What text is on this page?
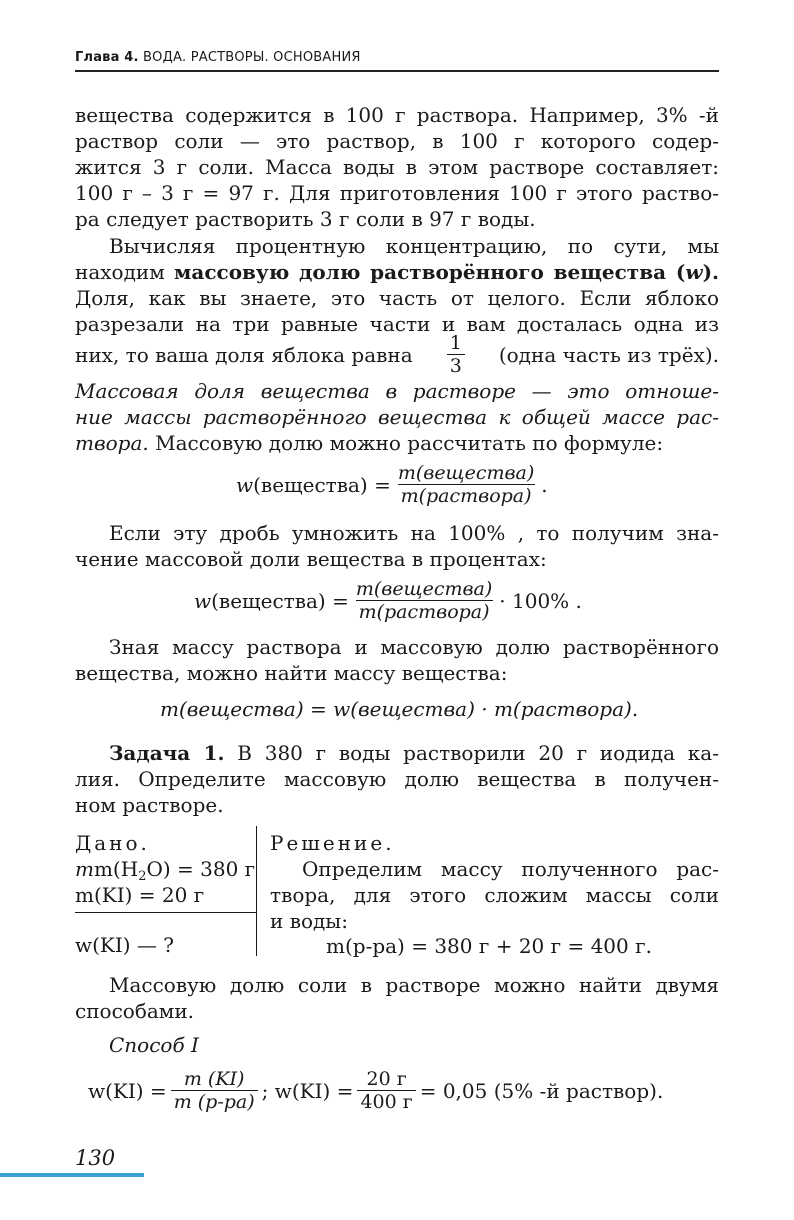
Глава 4. ВОДА. РАСТВОРЫ. ОСНОВАНИЯ
вещества содержится в 100 г раствора. Например, 3% -й
раствор соли — это раствор, в 100 г которого содер-
жится 3 г соли. Масса воды в этом растворе составляет:
100 г – 3 г = 97 г. Для приготовления 100 г этого раство-
ра следует растворить 3 г соли в 97 г воды.
Вычисляя процентную концентрацию, по сути, мы
находим массовую долю растворённого вещества (w).
Доля, как вы знаете, это часть от целого. Если яблоко
разрезали на три равные части и вам досталась одна из
них, то ваша доля яблока равна $\frac{1}{3}$ (одна часть из трёх).
Массовая доля вещества в растворе — это отноше-
ние массы растворённого вещества к общей массе рас-
твора. Массовую долю можно рассчитать по формуле:
w (вещества) = $\frac{\text{m(вещества)}}{\text{m(раствора)}}$ .
Если эту дробь умножить на 100% , то получим зна-
чение массовой доли вещества в процентах:
w (вещества) = $\frac{\text{m(вещества)}}{\text{m(раствора)}} \cdot 100\%$ .
Зная массу раствора и массовую долю растворённого
вещества, можно найти массу вещества:
m(вещества) = w(вещества) · m(раствора).
Задача 1. В 380 г воды растворили 20 г иодида ка-
лия. Определите массовую долю вещества в получен-
ном растворе.
Дано.
$mm(H_2O) = 380$ г
m(KI) = 20 г
w(KI) — ?
Решение.
Определим массу полученного рас-
твора, для этого сложим массы соли
и воды:
m(р-ра) = 380 г + 20 г = 400 г.
Массовую долю соли в растворе можно найти двумя
способами.
Способ I
$w(KI) = \frac{m (KI)}{m (р-ра)}$ ; $w(KI) = \frac{20 г}{400 г} = 0,05$ (5% -й раствор).
130
